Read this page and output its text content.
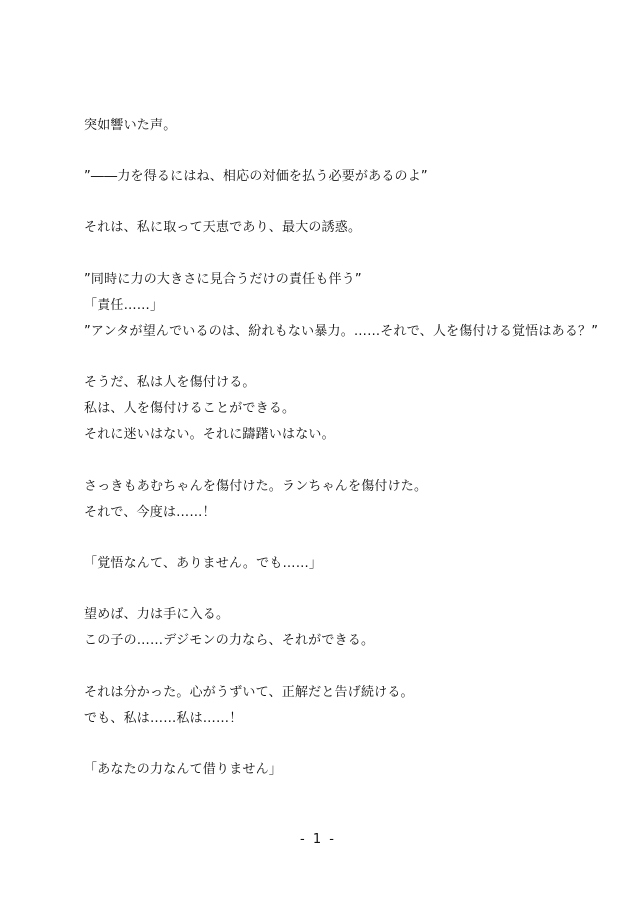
突如響いた声。
”――力を得るにはね、相応の対価を払う必要があるのよ”
それは、私に取って天恵であり、最大の誘惑。
”同時に力の大きさに見合うだけの責任も伴う”
「責任……」
”アンタが望んでいるのは、紛れもない暴力。……それで、人を傷付ける覚悟はある？”
そうだ、私は人を傷付ける。
私は、人を傷付けることができる。
それに迷いはない。それに躊躇いはない。
さっきもあむちゃんを傷付けた。ランちゃんを傷付けた。
それで、今度は……！
「覚悟なんて、ありません。でも……」
望めば、力は手に入る。
この子の……デジモンの力なら、それができる。
それは分かった。心がうずいて、正解だと告げ続ける。
でも、私は……私は……！
「あなたの力なんて借りません」
- 1 -
